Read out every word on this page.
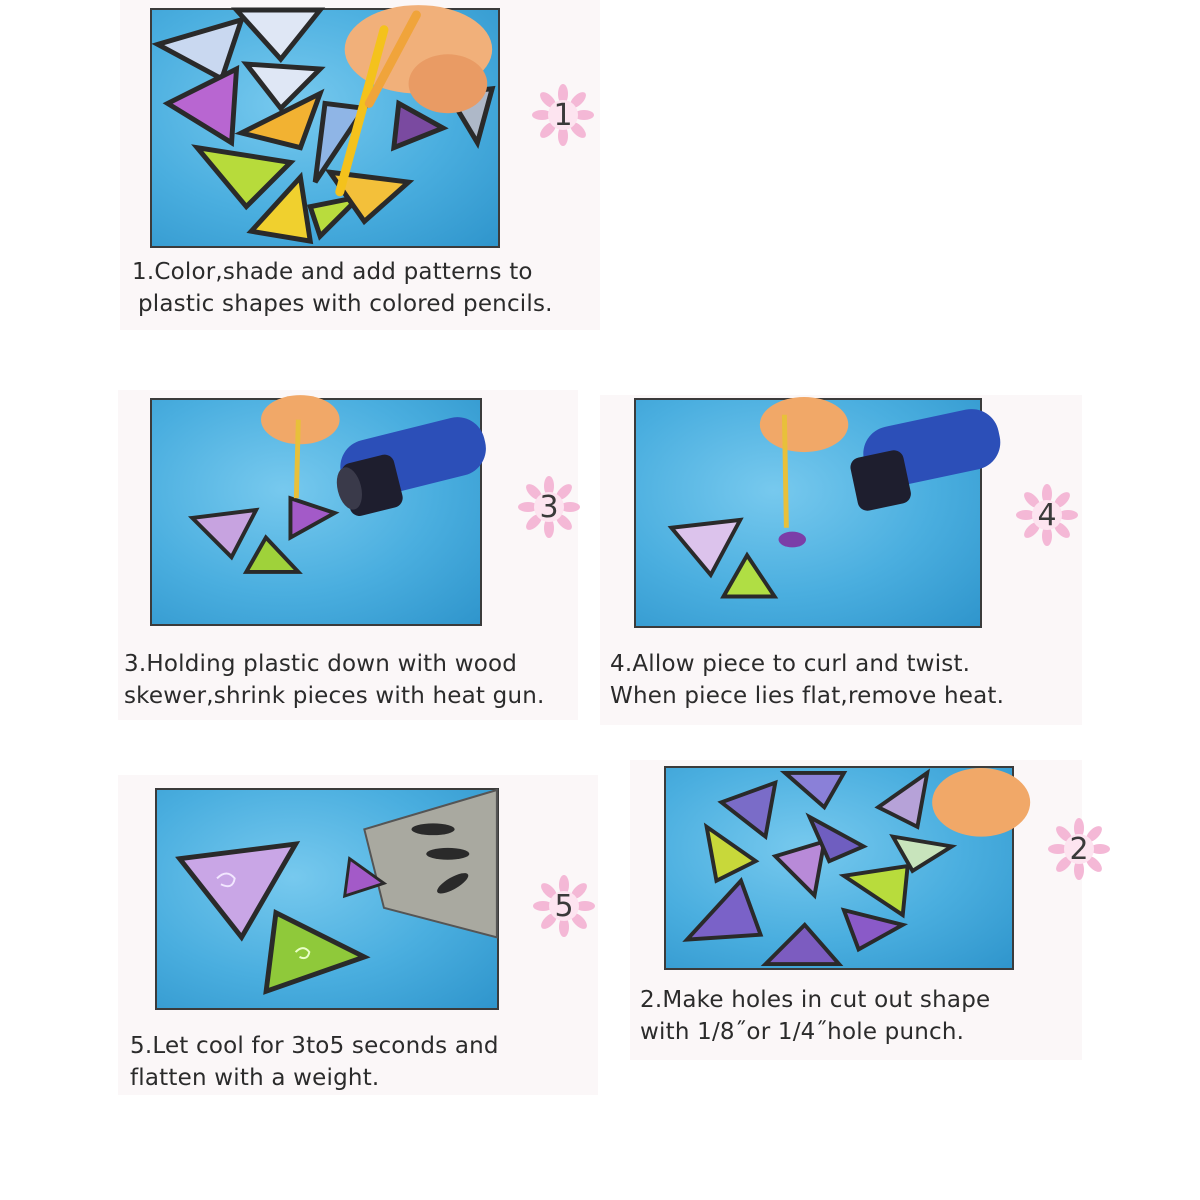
1
1.Color,shade and add patterns to
plastic shapes with colored pencils.
3
3.Holding plastic down with wood
skewer,shrink pieces with heat gun.
4
4.Allow piece to curl and twist.
When piece lies flat,remove heat.
5
5.Let cool for 3to5 seconds and
flatten with a weight.
2
2.Make holes in cut out shape
with 1/8˝or 1/4˝hole punch.
